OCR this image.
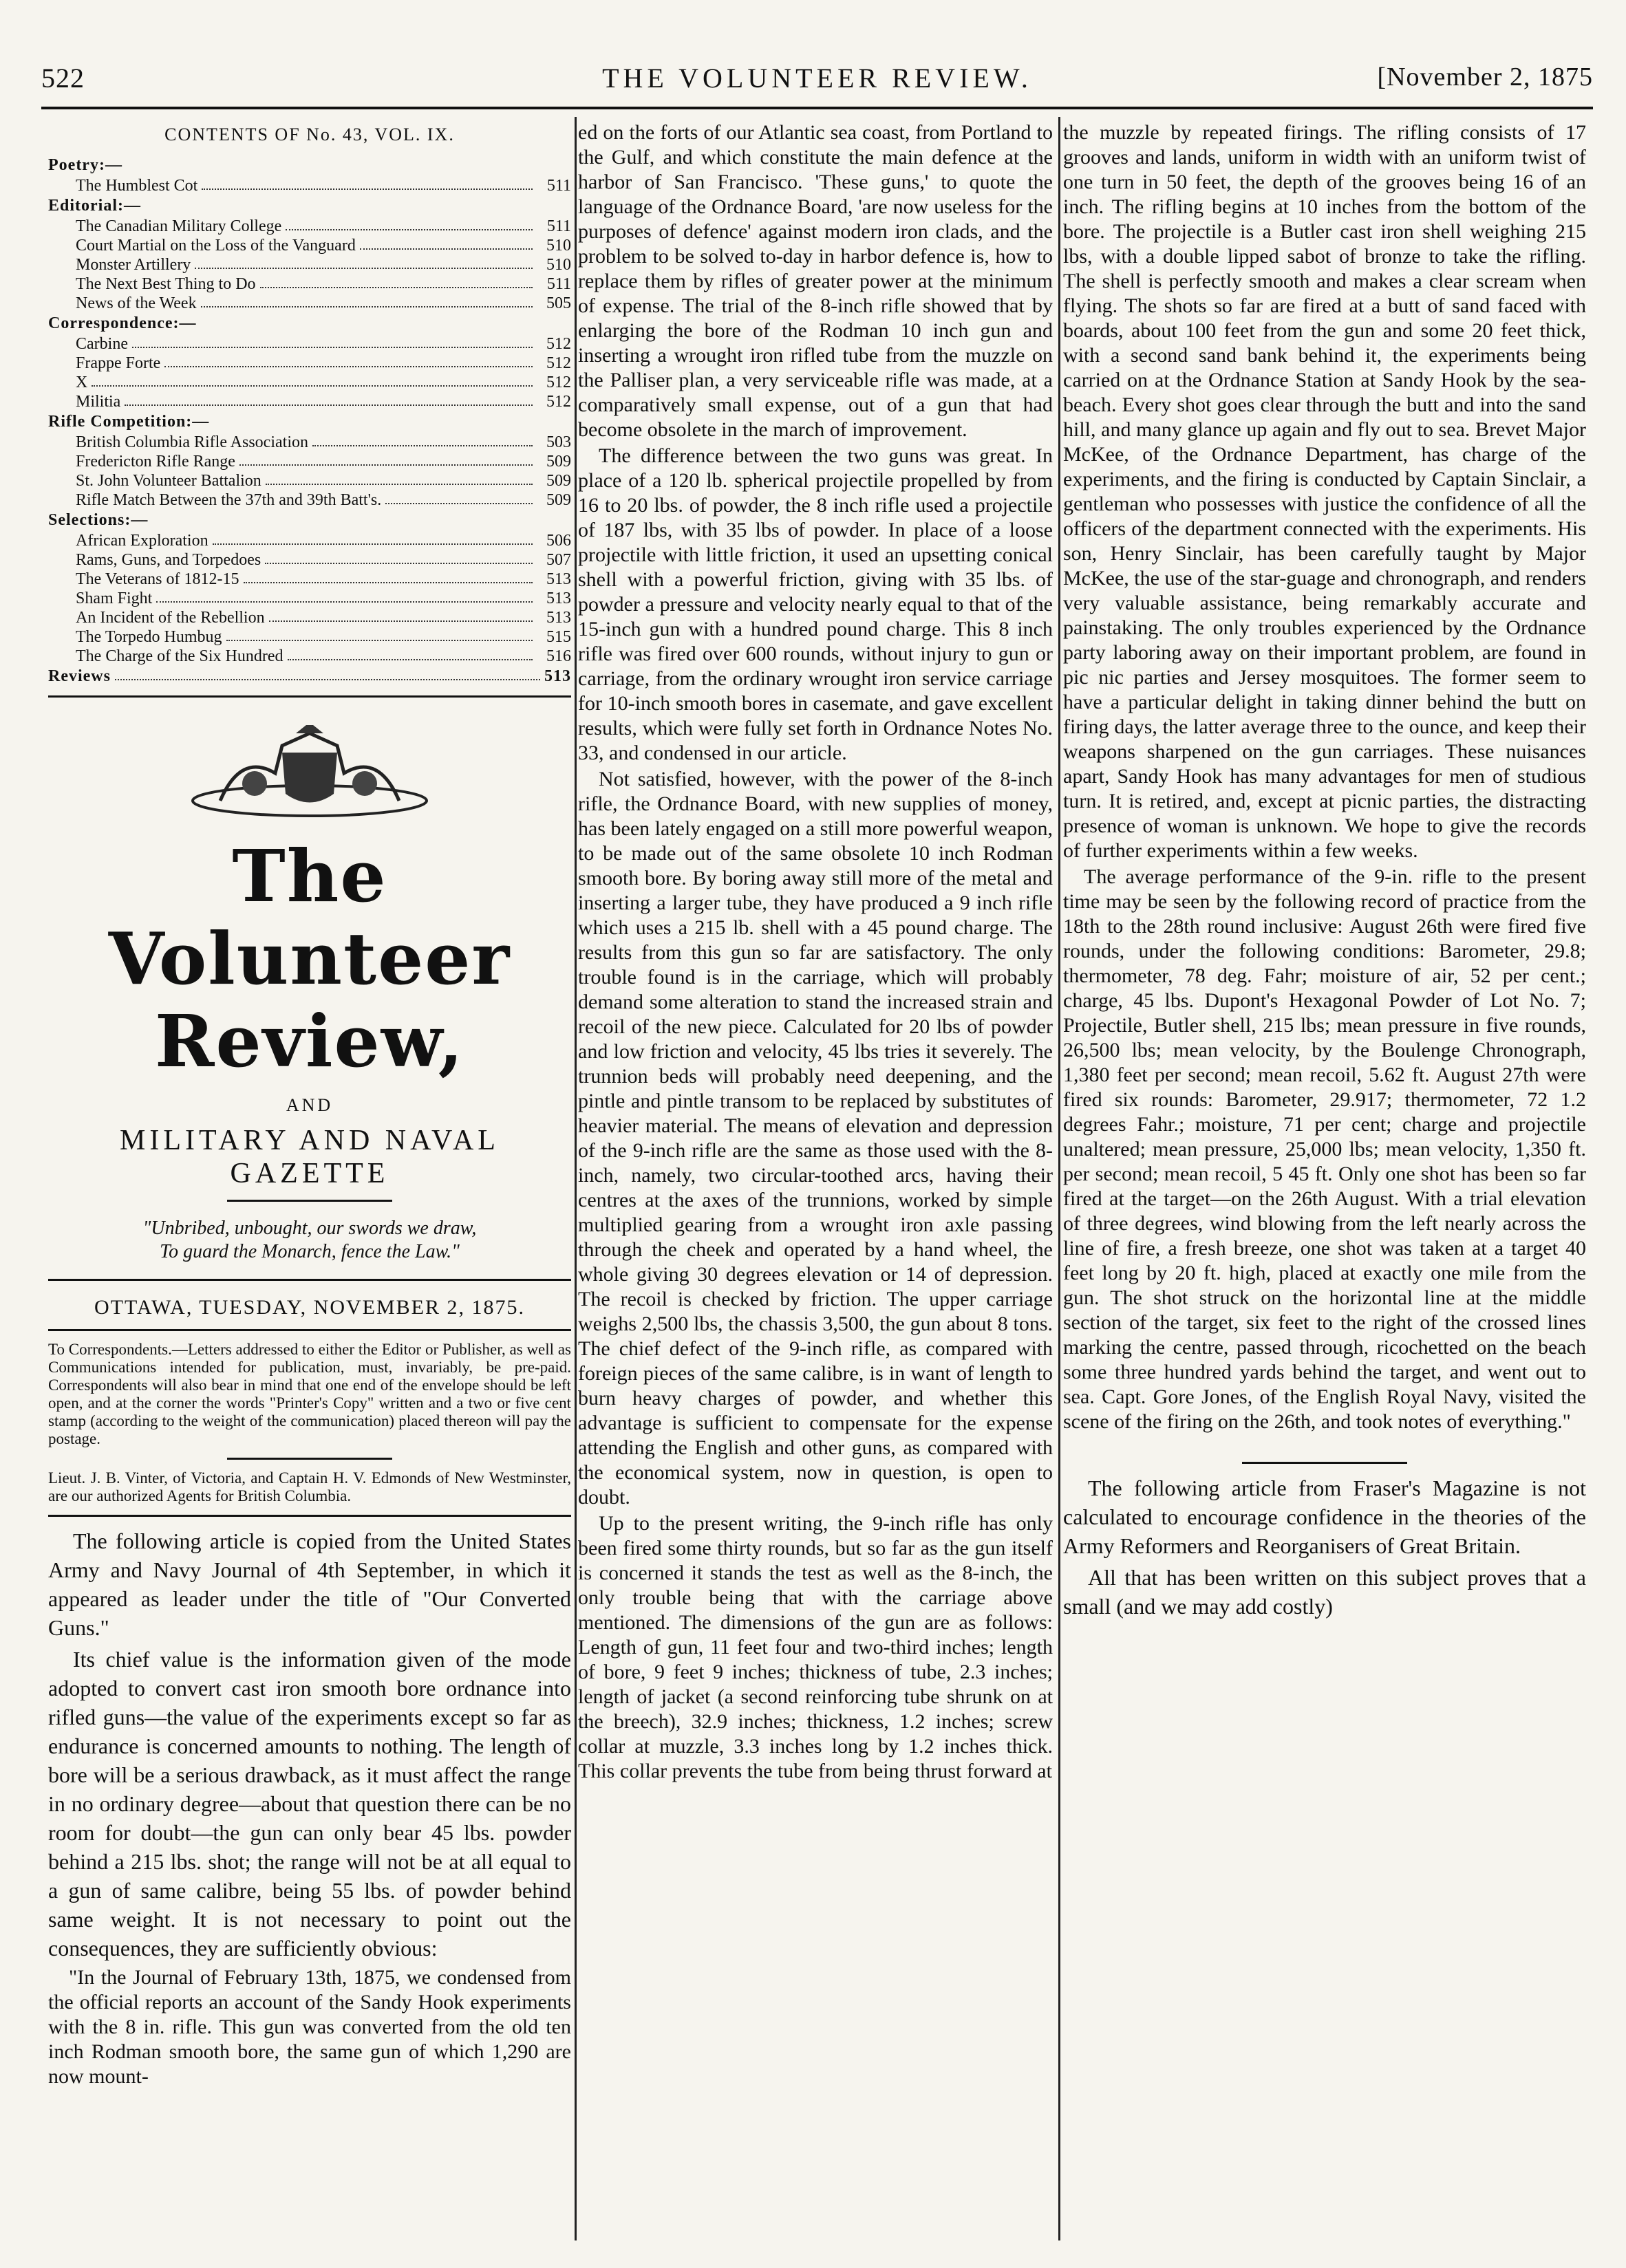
522	THE VOLUNTEER REVIEW.	[November 2, 1875
CONTENTS OF No. 43, VOL. IX.
Poetry:—
The Humblest Cot	511
Editorial:—
The Canadian Military College	511
Court Martial on the Loss of the Vanguard	510
Monster Artillery	510
The Next Best Thing to Do	511
News of the Week	505
Correspondence:—
Carbine	512
Frappe Forte	512
X	512
Militia	512
Rifle Competition:—
British Columbia Rifle Association	503
Fredericton Rifle Range	509
St. John Volunteer Battalion	509
Rifle Match Between the 37th and 39th Batt's.	509
Selections:—
African Exploration	506
Rams, Guns, and Torpedoes	507
The Veterans of 1812-15	513
Sham Fight	513
An Incident of the Rebellion	513
The Torpedo Humbug	515
The Charge of the Six Hundred	516
Reviews	513
The Volunteer Review,
AND
MILITARY AND NAVAL GAZETTE
"Unbribed, unbought, our swords we draw,
To guard the Monarch, fence the Law."
OTTAWA, TUESDAY, NOVEMBER 2, 1875.
To Correspondents.—Letters addressed to either the Editor or Publisher, as well as Communications intended for publication, must, invariably, be pre-paid. Correspondents will also bear in mind that one end of the envelope should be left open, and at the corner the words "Printer's Copy" written and a two or five cent stamp (according to the weight of the communication) placed thereon will pay the postage.
Lieut. J. B. Vinter, of Victoria, and Captain H. V. Edmonds of New Westminster, are our authorized Agents for British Columbia.

The following article is copied from the United States Army and Navy Journal of 4th September, in which it appeared as leader under the title of "Our Converted Guns."

Its chief value is the information given of the mode adopted to convert cast iron smooth bore ordnance into rifled guns—the value of the experiments except so far as endurance is concerned amounts to nothing. The length of bore will be a serious drawback, as it must affect the range in no ordinary degree—about that question there can be no room for doubt—the gun can only bear 45 lbs. powder behind a 215 lbs. shot; the range will not be at all equal to a gun of same calibre, being 55 lbs. of powder behind same weight. It is not necessary to point out the consequences, they are sufficiently obvious:

"In the Journal of February 13th, 1875, we condensed from the official reports an account of the Sandy Hook experiments with the 8 in. rifle. This gun was converted from the old ten inch Rodman smooth bore, the same gun of which 1,290 are now mount-

ed on the forts of our Atlantic sea coast, from Portland to the Gulf, and which constitute the main defence at the harbor of San Francisco. 'These guns,' to quote the language of the Ordnance Board, 'are now useless for the purposes of defence' against modern iron clads, and the problem to be solved to-day in harbor defence is, how to replace them by rifles of greater power at the minimum of expense. The trial of the 8-inch rifle showed that by enlarging the bore of the Rodman 10 inch gun and inserting a wrought iron rifled tube from the muzzle on the Palliser plan, a very serviceable rifle was made, at a comparatively small expense, out of a gun that had become obsolete in the march of improvement.

The difference between the two guns was great. In place of a 120 lb. spherical projectile propelled by from 16 to 20 lbs. of powder, the 8 inch rifle used a projectile of 187 lbs, with 35 lbs of powder. In place of a loose projectile with little friction, it used an upsetting conical shell with a powerful friction, giving with 35 lbs. of powder a pressure and velocity nearly equal to that of the 15-inch gun with a hundred pound charge. This 8 inch rifle was fired over 600 rounds, without injury to gun or carriage, from the ordinary wrought iron service carriage for 10-inch smooth bores in casemate, and gave excellent results, which were fully set forth in Ordnance Notes No. 33, and condensed in our article.

Not satisfied, however, with the power of the 8-inch rifle, the Ordnance Board, with new supplies of money, has been lately engaged on a still more powerful weapon, to be made out of the same obsolete 10 inch Rodman smooth bore. By boring away still more of the metal and inserting a larger tube, they have produced a 9 inch rifle which uses a 215 lb. shell with a 45 pound charge. The results from this gun so far are satisfactory. The only trouble found is in the carriage, which will probably demand some alteration to stand the increased strain and recoil of the new piece. Calculated for 20 lbs of powder and low friction and velocity, 45 lbs tries it severely. The trunnion beds will probably need deepening, and the pintle and pintle transom to be replaced by substitutes of heavier material. The means of elevation and depression of the 9-inch rifle are the same as those used with the 8-inch, namely, two circular-toothed arcs, having their centres at the axes of the trunnions, worked by simple multiplied gearing from a wrought iron axle passing through the cheek and operated by a hand wheel, the whole giving 30 degrees elevation or 14 of depression. The recoil is checked by friction. The upper carriage weighs 2,500 lbs, the chassis 3,500, the gun about 8 tons. The chief defect of the 9-inch rifle, as compared with foreign pieces of the same calibre, is in want of length to burn heavy charges of powder, and whether this advantage is sufficient to compensate for the expense attending the English and other guns, as compared with the economical system, now in question, is open to doubt.

Up to the present writing, the 9-inch rifle has only been fired some thirty rounds, but so far as the gun itself is concerned it stands the test as well as the 8-inch, the only trouble being that with the carriage above mentioned. The dimensions of the gun are as follows: Length of gun, 11 feet four and two-third inches; length of bore, 9 feet 9 inches; thickness of tube, 2.3 inches; length of jacket (a second reinforcing tube shrunk on at the breech), 32.9 inches; thickness, 1.2 inches; screw collar at muzzle, 3.3 inches long by 1.2 inches thick. This collar prevents the tube from being thrust forward at

the muzzle by repeated firings. The rifling consists of 17 grooves and lands, uniform in width with an uniform twist of one turn in 50 feet, the depth of the grooves being 16 of an inch. The rifling begins at 10 inches from the bottom of the bore. The projectile is a Butler cast iron shell weighing 215 lbs, with a double lipped sabot of bronze to take the rifling. The shell is perfectly smooth and makes a clear scream when flying. The shots so far are fired at a butt of sand faced with boards, about 100 feet from the gun and some 20 feet thick, with a second sand bank behind it, the experiments being carried on at the Ordnance Station at Sandy Hook by the sea-beach. Every shot goes clear through the butt and into the sand hill, and many glance up again and fly out to sea. Brevet Major McKee, of the Ordnance Department, has charge of the experiments, and the firing is conducted by Captain Sinclair, a gentleman who possesses with justice the confidence of all the officers of the department connected with the experiments. His son, Henry Sinclair, has been carefully taught by Major McKee, the use of the star-guage and chronograph, and renders very valuable assistance, being remarkably accurate and painstaking. The only troubles experienced by the Ordnance party laboring away on their important problem, are found in pic nic parties and Jersey mosquitoes. The former seem to have a particular delight in taking dinner behind the butt on firing days, the latter average three to the ounce, and keep their weapons sharpened on the gun carriages. These nuisances apart, Sandy Hook has many advantages for men of studious turn. It is retired, and, except at picnic parties, the distracting presence of woman is unknown. We hope to give the records of further experiments within a few weeks.

The average performance of the 9-in. rifle to the present time may be seen by the following record of practice from the 18th to the 28th round inclusive: August 26th were fired five rounds, under the following conditions: Barometer, 29.8; thermometer, 78 deg. Fahr; moisture of air, 52 per cent.; charge, 45 lbs. Dupont's Hexagonal Powder of Lot No. 7; Projectile, Butler shell, 215 lbs; mean pressure in five rounds, 26,500 lbs; mean velocity, by the Boulenge Chronograph, 1,380 feet per second; mean recoil, 5.62 ft. August 27th were fired six rounds: Barometer, 29.917; thermometer, 72 1.2 degrees Fahr.; moisture, 71 per cent; charge and projectile unaltered; mean pressure, 25,000 lbs; mean velocity, 1,350 ft. per second; mean recoil, 5 45 ft. Only one shot has been so far fired at the target—on the 26th August. With a trial elevation of three degrees, wind blowing from the left nearly across the line of fire, a fresh breeze, one shot was taken at a target 40 feet long by 20 ft. high, placed at exactly one mile from the gun. The shot struck on the horizontal line at the middle section of the target, six feet to the right of the crossed lines marking the centre, passed through, ricochetted on the beach some three hundred yards behind the target, and went out to sea. Capt. Gore Jones, of the English Royal Navy, visited the scene of the firing on the 26th, and took notes of everything."

The following article from Fraser's Magazine is not calculated to encourage confidence in the theories of the Army Reformers and Reorganisers of Great Britain.

All that has been written on this subject proves that a small (and we may add costly)
